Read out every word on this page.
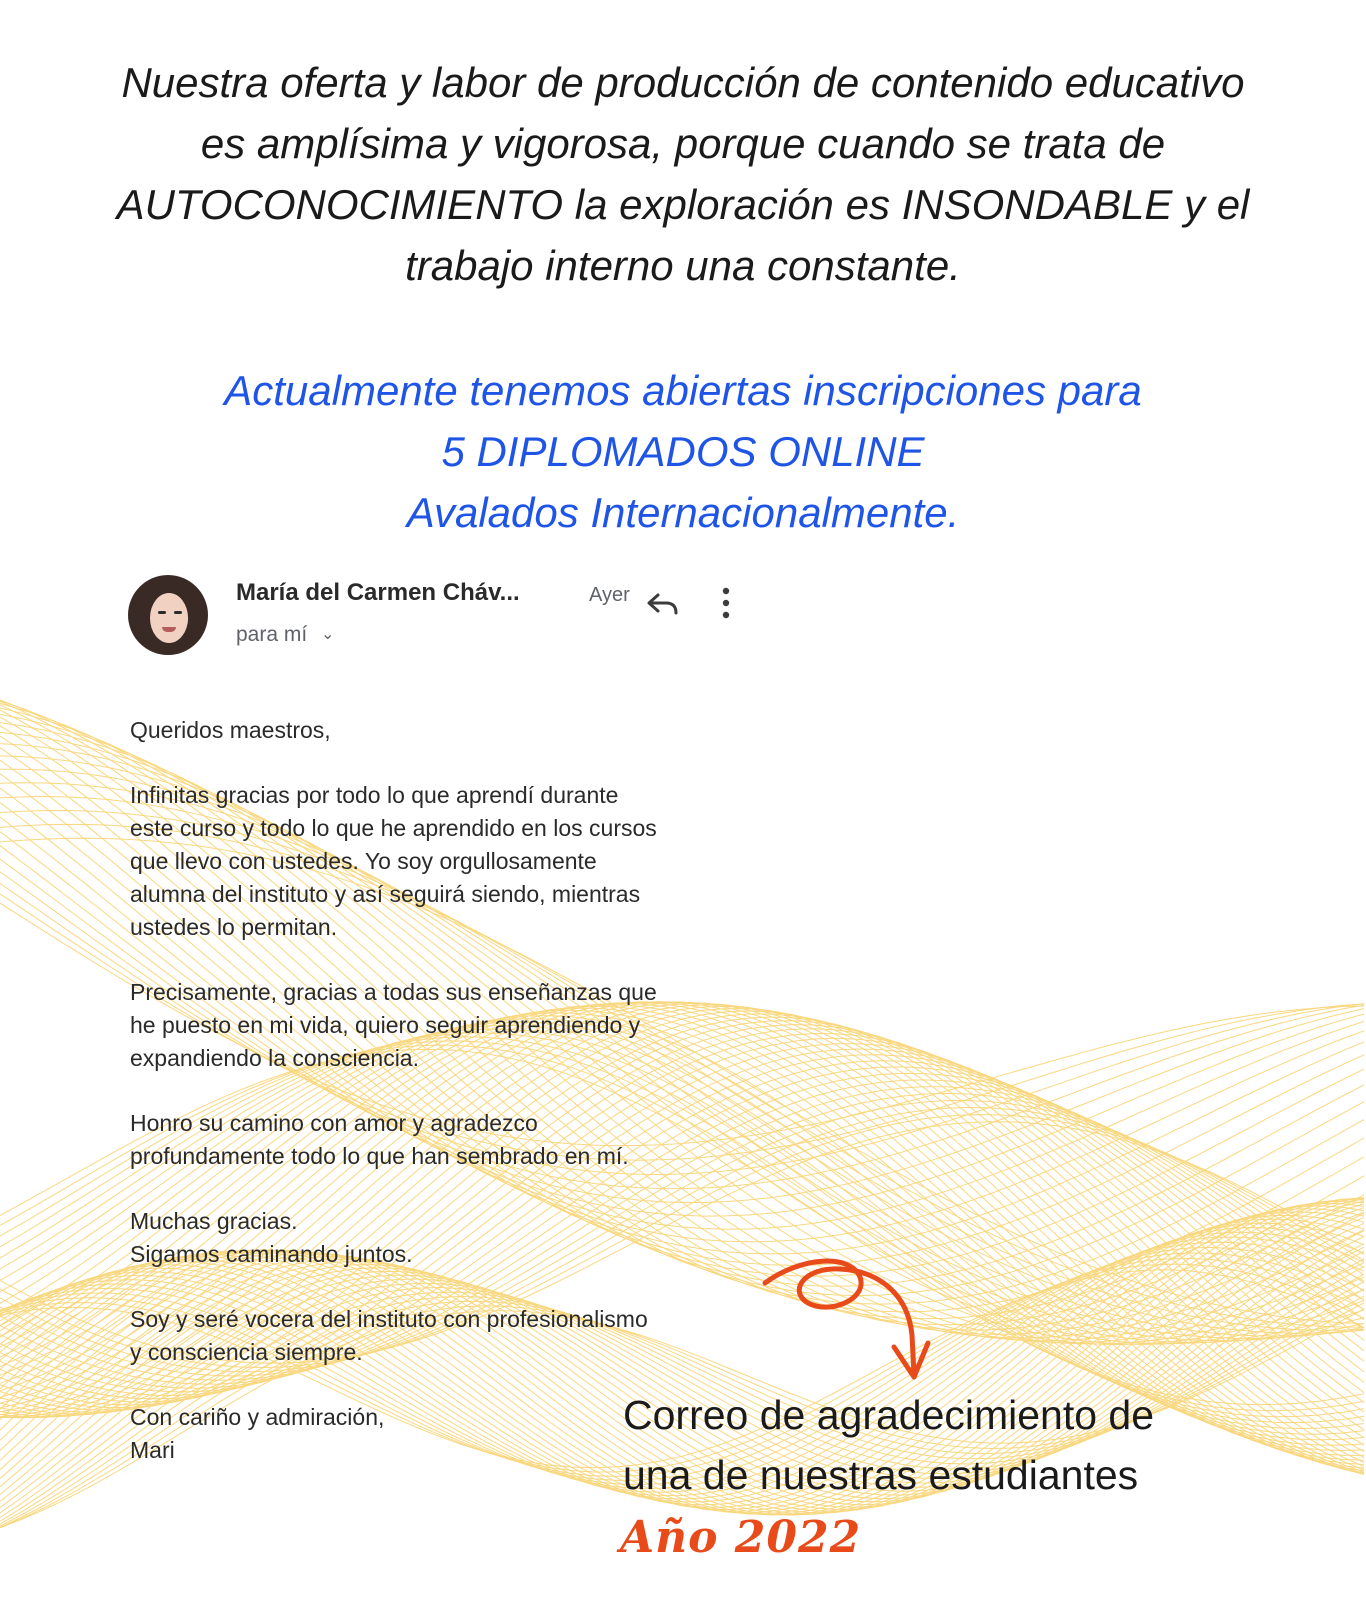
Nuestra oferta y labor de producción de contenido educativo
es amplísima y vigorosa, porque cuando se trata de
AUTOCONOCIMIENTO la exploración es INSONDABLE y el
trabajo interno una constante.
Actualmente tenemos abiertas inscripciones para
5 DIPLOMADOS ONLINE
Avalados Internacionalmente.
María del Carmen Cháv...	Ayer
para mí ⌄

Queridos maestros,

Infinitas gracias por todo lo que aprendí durante
este curso y todo lo que he aprendido en los cursos
que llevo con ustedes. Yo soy orgullosamente
alumna del instituto y así seguirá siendo, mientras
ustedes lo permitan.

Precisamente, gracias a todas sus enseñanzas que
he puesto en mi vida, quiero seguir aprendiendo y
expandiendo la consciencia.

Honro su camino con amor y agradezco
profundamente todo lo que han sembrado en mí.

Muchas gracias.
Sigamos caminando juntos.

Soy y seré vocera del instituto con profesionalismo
y consciencia siempre.

Con cariño y admiración,
Mari

Correo de agradecimiento de
una de nuestras estudiantes
Año 2022
